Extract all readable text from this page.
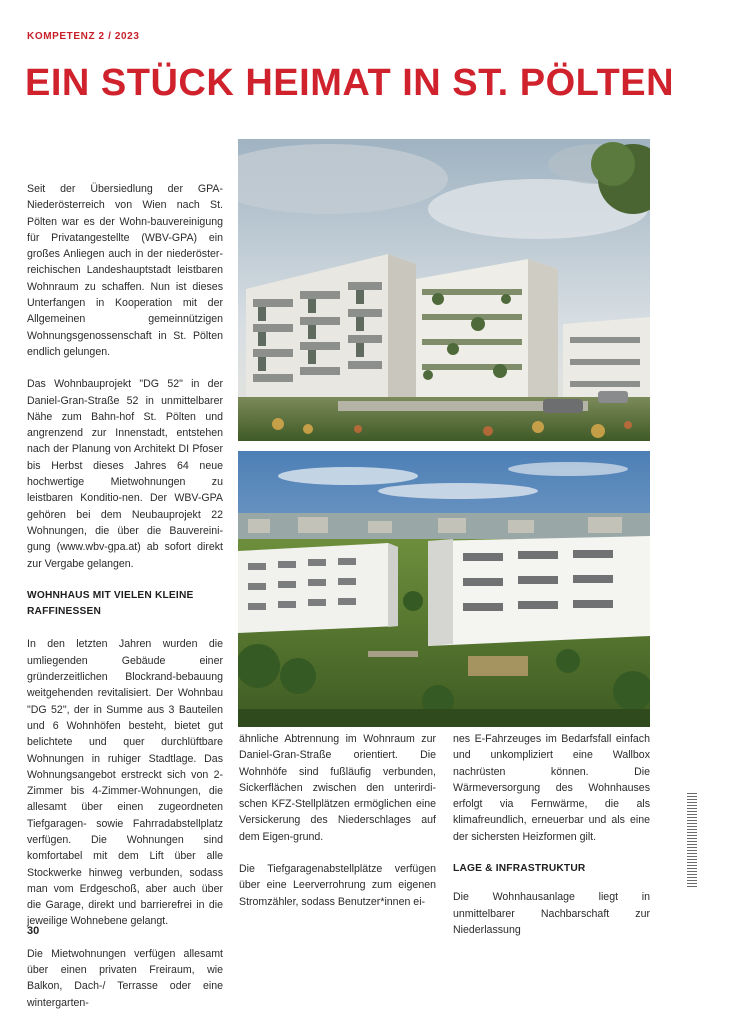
KOMPETENZ 2 / 2023
EIN STÜCK HEIMAT IN ST. PÖLTEN

Seit der Übersiedlung der GPA-Niederösterreich von Wien nach St. Pölten war es der Wohn-bauvereinigung für Privatangestellte (WBV-GPA) ein großes Anliegen auch in der niederöster-reichischen Landeshauptstadt leistbaren Wohnraum zu schaffen. Nun ist dieses Unterfangen in Kooperation mit der Allgemeinen gemeinnützigen Wohnungsgenossenschaft in St. Pölten endlich gelungen.

Das Wohnbauprojekt "DG 52" in der Daniel-Gran-Straße 52 in unmittelbarer Nähe zum Bahn-hof St. Pölten und angrenzend zur Innenstadt, entstehen nach der Planung von Architekt DI Pfoser bis Herbst dieses Jahres 64 neue hochwertige Mietwohnungen zu leistbaren Konditio-nen. Der WBV-GPA gehören bei dem Neubauprojekt 22 Wohnungen, die über die Bauvereini-gung (www.wbv-gpa.at) ab sofort direkt zur Vergabe gelangen.

WOHNHAUS MIT VIELEN KLEINE RAFFINESSEN

In den letzten Jahren wurden die umliegenden Gebäude einer gründerzeitlichen Blockrand-bebauung weitgehenden revitalisiert. Der Wohnbau "DG 52", der in Summe aus 3 Bauteilen und 6 Wohnhöfen besteht, bietet gut belichtete und quer durchlüftbare Wohnungen in ruhiger Stadtlage. Das Wohnungsangebot erstreckt sich von 2-Zimmer bis 4-Zimmer-Wohnungen, die allesamt über einen zugeordneten Tiefgaragen- sowie Fahrradabstellplatz verfügen. Die Wohnungen sind komfortabel mit dem Lift über alle Stockwerke hinweg verbunden, sodass man vom Erdgeschoß, aber auch über die Garage, direkt und barrierefrei in die jeweilige Wohnebene gelangt.

Die Mietwohnungen verfügen allesamt über einen privaten Freiraum, wie Balkon, Dach-/ Terrasse oder eine wintergarten-

ähnliche Abtrennung im Wohnraum zur Daniel-Gran-Straße orientiert. Die Wohnhöfe sind fußläufig verbunden, Sickerflächen zwischen den unterirdi-schen KFZ-Stellplätzen ermöglichen eine Versickerung des Niederschlages auf dem Eigen-grund.

Die Tiefgaragenabstellplätze verfügen über eine Leerverrohrung zum eigenen Stromzähler, sodass Benutzer*innen ei-

nes E-Fahrzeuges im Bedarfsfall einfach und unkompliziert eine Wallbox nachrüsten können. Die Wärmeversorgung des Wohnhauses erfolgt via Fernwärme, die als klimafreundlich, erneuerbar und als eine der sichersten Heizformen gilt.

LAGE & INFRASTRUKTUR

Die Wohnhausanlage liegt in unmittelbarer Nachbarschaft zur Niederlassung

30
